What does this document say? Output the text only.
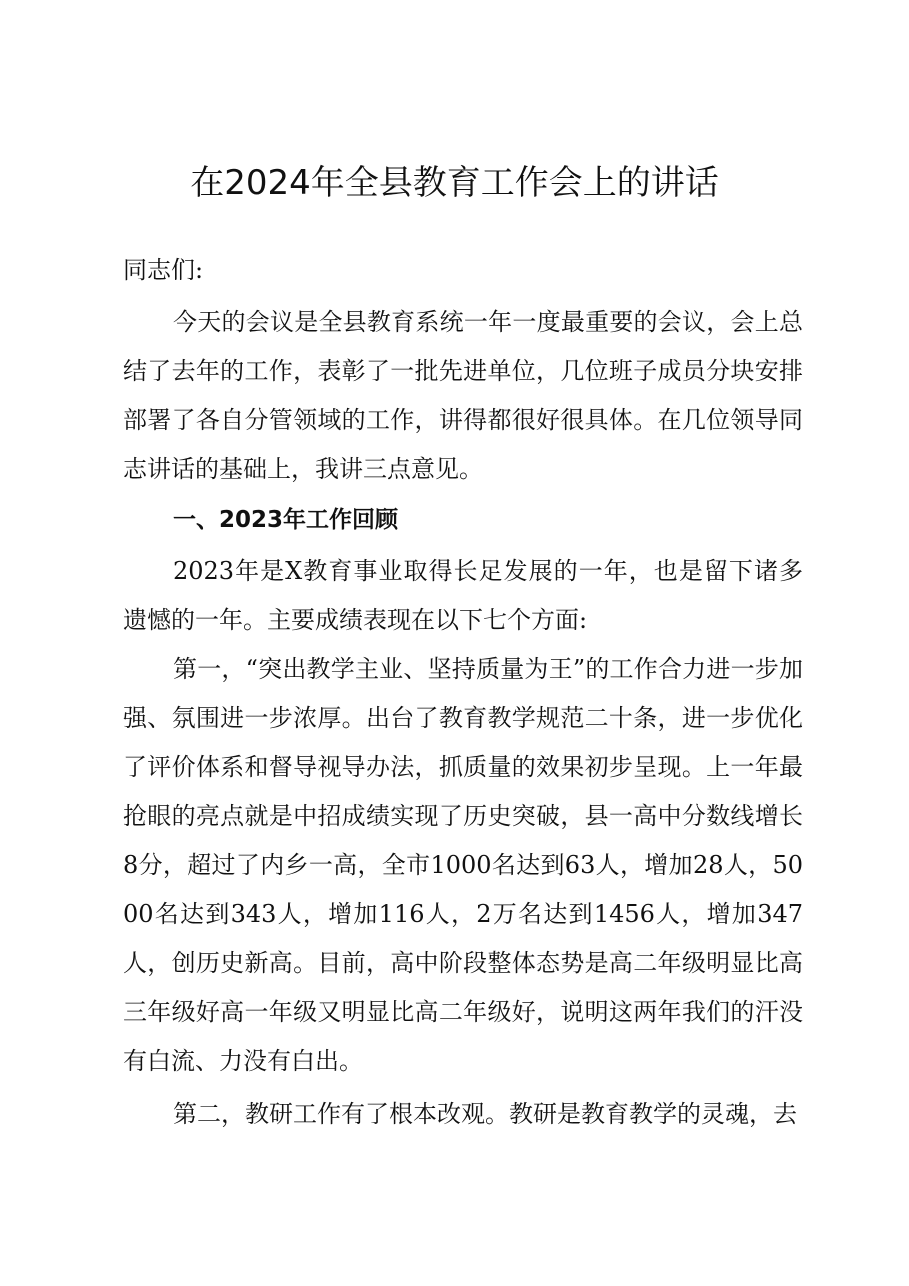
在2024年全县教育工作会上的讲话

同志们:

今天的会议是全县教育系统一年一度最重要的会议，会上总结了去年的工作，表彰了一批先进单位，几位班子成员分块安排部署了各自分管领域的工作，讲得都很好很具体。在几位领导同志讲话的基础上，我讲三点意见。

一、2023年工作回顾

2023年是X教育事业取得长足发展的一年，也是留下诸多遗憾的一年。主要成绩表现在以下七个方面:

第一，“突出教学主业、坚持质量为王”的工作合力进一步加强、氛围进一步浓厚。出台了教育教学规范二十条，进一步优化了评价体系和督导视导办法，抓质量的效果初步呈现。上一年最抢眼的亮点就是中招成绩实现了历史突破，县一高中分数线增长8分，超过了内乡一高，全市1000名达到63人，增加28人，5000名达到343人，增加116人，2万名达到1456人，增加347人，创历史新高。目前，高中阶段整体态势是高二年级明显比高三年级好高一年级又明显比高二年级好，说明这两年我们的汗没有白流、力没有白出。

第二，教研工作有了根本改观。教研是教育教学的灵魂，去
